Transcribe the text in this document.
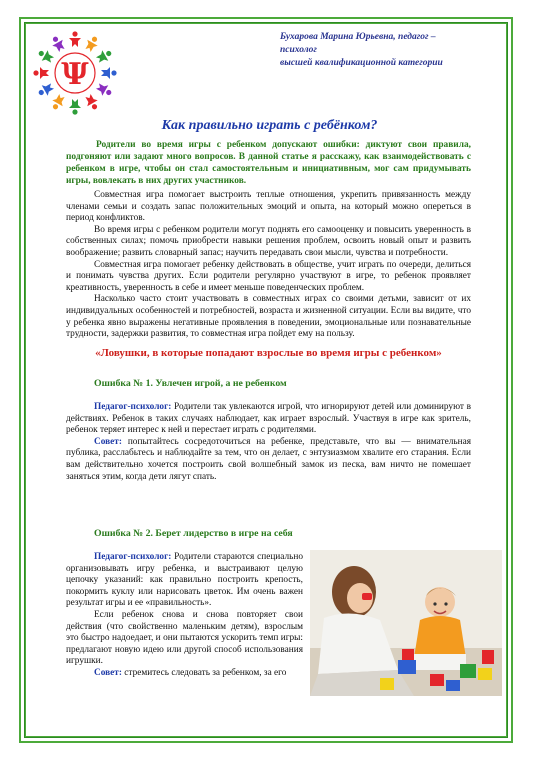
Ψ
Бухарова Марина Юрьевна, педагог – психолог
высшей квалификационной категории
Как правильно играть с ребёнком?
Родители во время игры с ребенком допускают ошибки: диктуют свои правила, подгоняют или задают много вопросов. В данной статье я расскажу, как взаимодействовать с ребенком в игре, чтобы он стал самостоятельным и инициативным, мог сам придумывать игры, вовлекать в них других участников.

Совместная игра помогает выстроить теплые отношения, укрепить привязанность между членами семьи и создать запас положительных эмоций и опыта, на который можно опереться в период конфликтов.

Во время игры с ребенком родители могут поднять его самооценку и повысить уверенность в собственных силах; помочь приобрести навыки решения проблем, освоить новый опыт и развить воображение; развить словарный запас; научить передавать свои мысли, чувства и потребности.

Совместная игра помогает ребенку действовать в обществе, учит играть по очереди, делиться и понимать чувства других. Если родители регулярно участвуют в игре, то ребенок проявляет креативность, уверенность в себе и имеет меньше поведенческих проблем.

Насколько часто стоит участвовать в совместных играх со своими детьми, зависит от их индивидуальных особенностей и потребностей, возраста и жизненной ситуации. Если вы видите, что у ребенка явно выражены негативные проявления в поведении, эмоциональные или познавательные трудности, задержки развития, то совместная игра пойдет ему на пользу.

«Ловушки, в которые попадают взрослые во время игры с ребенком»
Ошибка № 1. Увлечен игрой, а не ребенком

Педагог-психолог: Родители так увлекаются игрой, что игнорируют детей или доминируют в действиях. Ребенок в таких случаях наблюдает, как играет взрослый. Участвуя в игре как зритель, ребенок теряет интерес к ней и перестает играть с родителями.

Совет: попытайтесь сосредоточиться на ребенке, представьте, что вы — внимательная публика, расслабьтесь и наблюдайте за тем, что он делает, с энтузиазмом хвалите его старания. Если вам действительно хочется построить свой волшебный замок из песка, вам ничто не помешает заняться этим, когда дети лягут спать.

Ошибка № 2. Берет лидерство в игре на себя

Педагог-психолог: Родители стараются специально организовывать игру ребенка, и выстраивают целую цепочку указаний: как правильно построить крепость, покормить куклу или нарисовать цветок. Им очень важен результат игры и ее «правильность».

Если ребенок снова и снова повторяет свои действия (что свойственно маленьким детям), взрослым это быстро надоедает, и они пытаются ускорить темп игры: предлагают новую идею или другой способ использования игрушки.

Совет: стремитесь следовать за ребенком, за его
